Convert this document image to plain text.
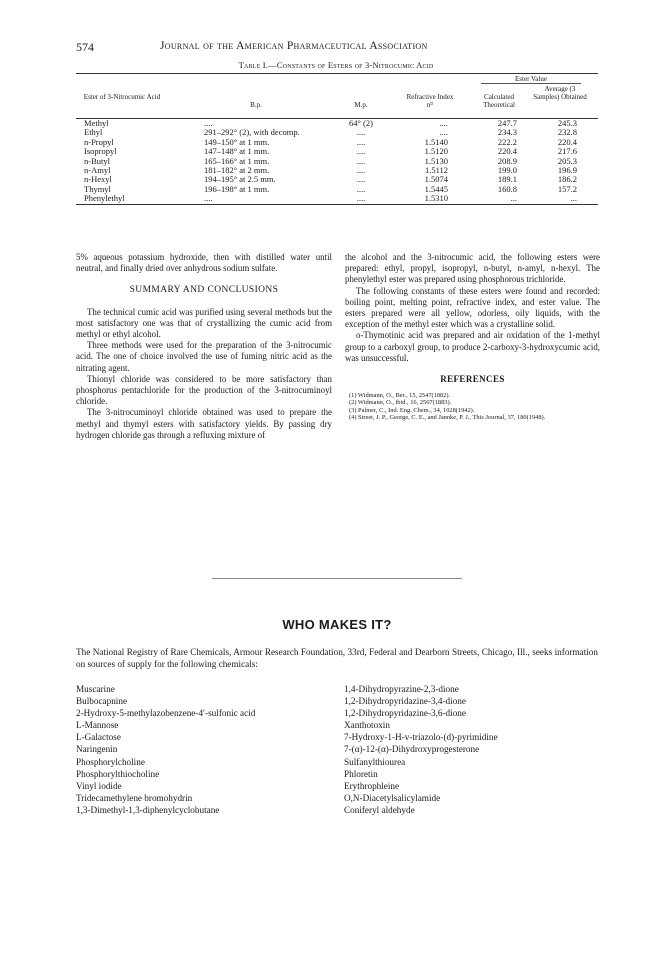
574	Journal of the American Pharmaceutical Association
Table I.—Constants of Esters of 3-Nitrocumic Acid
Ester Value
Ester of 3-Nitrocumic Acid
B.p.	M.p.
Refractive Index nᴰ
Calculated Theoretical
Average (3 Samples) Obtained
Methyl	....	64° (2)	....	247.7	245.3
Ethyl	291–292° (2), with decomp.	....	....	234.3	232.8
n-Propyl	149–150° at 1 mm.	....	1.5140	222.2	220.4
Isopropyl	147–148° at 1 mm.	....	1.5120	220.4	217.6
n-Butyl	165–166° at 1 mm.	....	1.5130	208.9	205.3
n-Amyl	181–182° at 2 mm.	....	1.5112	199.0	196.9
n-Hexyl	194–195° at 2.5 mm.	....	1.5074	189.1	186.2
Thymyl	196–198° at 1 mm.	....	1.5445	160.8	157.2
Phenylethyl	....	....	1.5310	...	...

5% aqueous potassium hydroxide, then with distilled water until neutral, and finally dried over anhydrous sodium sulfate.

SUMMARY AND CONCLUSIONS

The technical cumic acid was purified using several methods but the most satisfactory one was that of crystallizing the cumic acid from methyl or ethyl alcohol.

Three methods were used for the preparation of the 3-nitrocumic acid. The one of choice involved the use of fuming nitric acid as the nitrating agent.

Thionyl chloride was considered to be more satisfactory than phosphorus pentachloride for the production of the 3-nitrocuminoyl chloride.

The 3-nitrocuminoyl chloride obtained was used to prepare the methyl and thymyl esters with satisfactory yields. By passing dry hydrogen chloride gas through a refluxing mixture of

the alcohol and the 3-nitrocumic acid, the following esters were prepared: ethyl, propyl, isopropyl, n-butyl, n-amyl, n-hexyl. The phenylethyl ester was prepared using phosphorous trichloride.

The following constants of these esters were found and recorded: boiling point, melting point, refractive index, and ester value. The esters prepared were all yellow, odorless, oily liquids, with the exception of the methyl ester which was a crystalline solid.

o-Thymotinic acid was prepared and air oxidation of the 1-methyl group to a carboxyl group, to produce 2-carboxy-3-hydroxycumic acid, was unsuccessful.

REFERENCES
(1) Widmann, O., Ber., 15, 2547(1882).
(2) Widmann, O., ibid., 16, 2567(1883).
(3) Palmer, C., Ind. Eng. Chem., 34, 1028(1942).
(4) Street, J. P., George, C. E., and Jannke, P. J., This Journal, 37, 180(1948).
WHO MAKES IT?
The National Registry of Rare Chemicals, Armour Research Foundation, 33rd, Federal and Dearborn Streets, Chicago, Ill., seeks information on sources of supply for the following chemicals:
Muscarine
Bulbocapnine
2-Hydroxy-5-methylazobenzene-4′-sulfonic acid
L-Mannose
L-Galactose
Naringenin
Phosphorylcholine
Phosphorylthiocholine
Vinyl iodide
Tridecamethylene bromohydrin
1,3-Dimethyl-1,3-diphenylcyclobutane
1,4-Dihydropyrazine-2,3-dione
1,2-Dihydropyridazine-3,4-dione
1,2-Dihydropyridazine-3,6-dione
Xanthotoxin
7-Hydroxy-1-H-v-triazolo-(d)-pyrimidine
7-(α)-12-(α)-Dihydroxyprogesterone
Sulfanylthiourea
Phloretin
Erythrophleine
O,N-Diacetylsalicylamide
Coniferyl aldehyde
